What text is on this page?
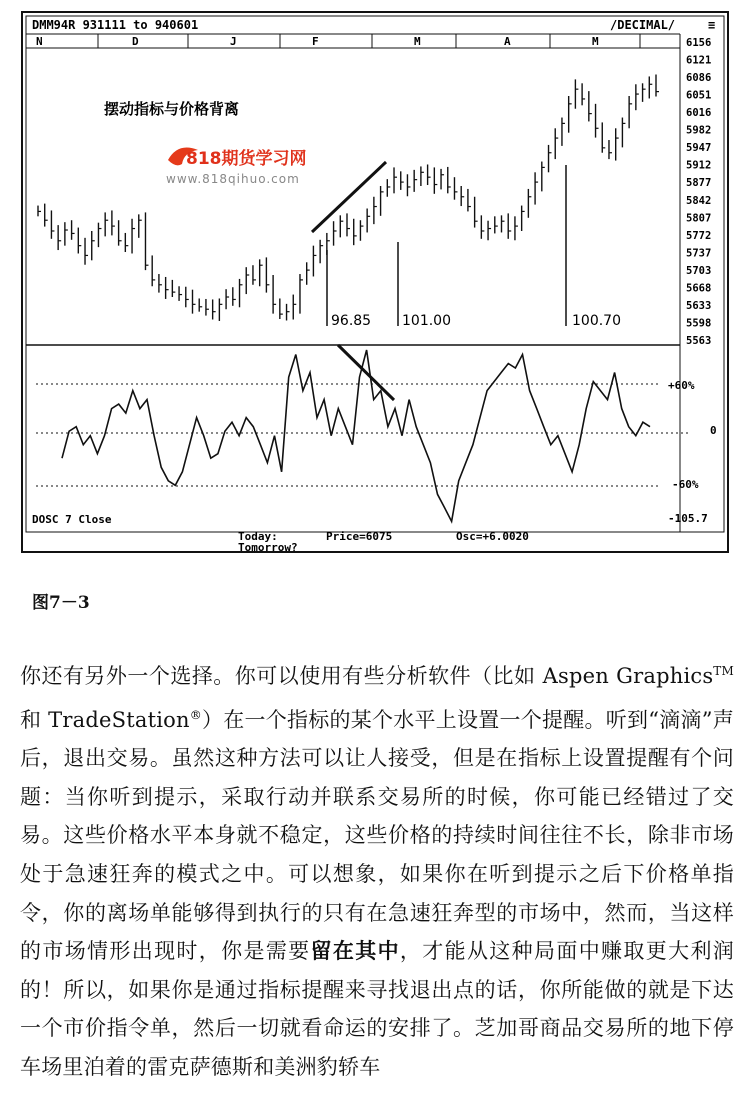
DMM94R 931111 to 940601	/DECIMAL/	≡
N	D	J	F	M	A	M	6156
6121
6086
6051
6016
5982
5947
5912
5877
5842
5807
5772
5737
5703
5668
5633
5598
5563
摆动指标与价格背离
818期货学习网
www.818qihuo.com
96.85 101.00	100.70
+60%
0
-60%
-105.7
DOSC 7 Close
Today:	Price=6075	Osc=+6.0020
Tomorrow?
图7－3

你还有另外一个选择。你可以使用有些分析软件（比如 Aspen Graphics™和 TradeStation®）在一个指标的某个水平上设置一个提醒。听到“滴滴”声后，退出交易。虽然这种方法可以让人接受，但是在指标上设置提醒有个问题：当你听到提示，采取行动并联系交易所的时候，你可能已经错过了交易。这些价格水平本身就不稳定，这些价格的持续时间往往不长，除非市场处于急速狂奔的模式之中。可以想象，如果你在听到提示之后下价格单指令，你的离场单能够得到执行的只有在急速狂奔型的市场中，然而，当这样的市场情形出现时，你是需要留在其中，才能从这种局面中赚取更大利润的！所以，如果你是通过指标提醒来寻找退出点的话，你所能做的就是下达一个市价指令单，然后一切就看命运的安排了。芝加哥商品交易所的地下停车场里泊着的雷克萨德斯和美洲豹轿车
